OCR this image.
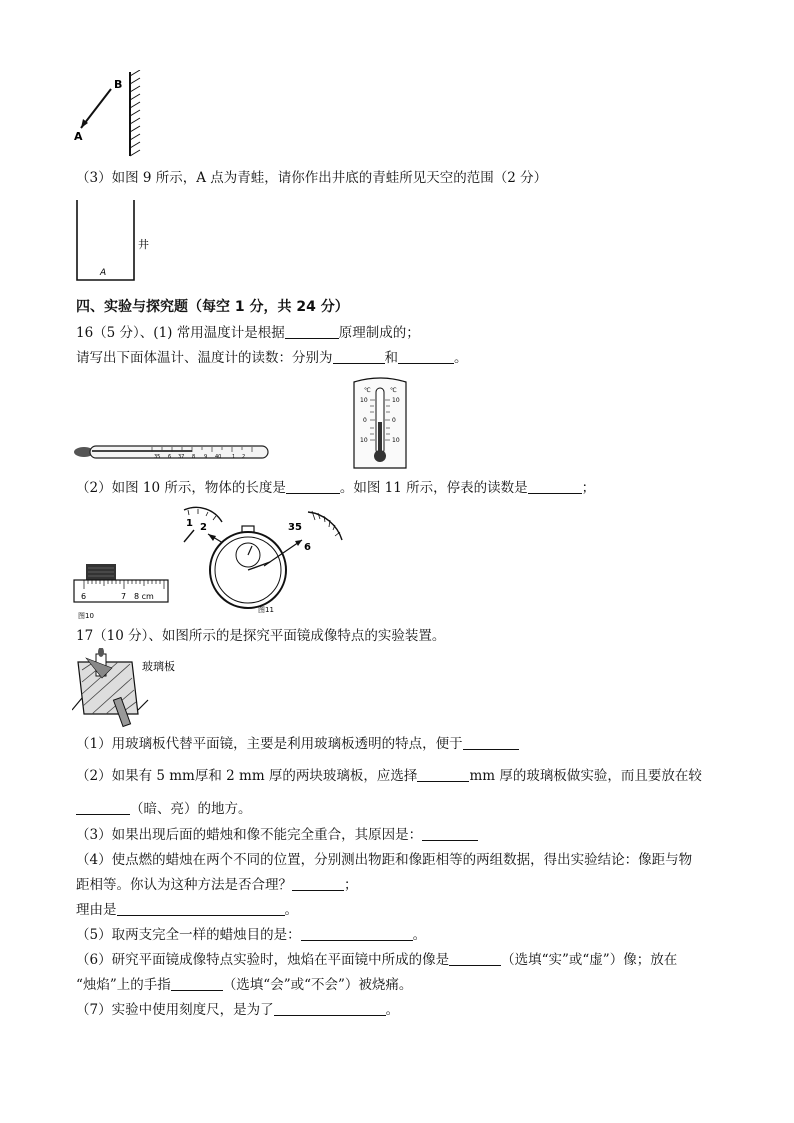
B
A
（3）如图 9 所示，A 点为青蛙，请你作出井底的青蛙所见天空的范围（2 分）
A
井
四、实验与探究题（每空 1 分，共 24 分）
16（5 分）、(1) 常用温度计是根据	原理制成的；
请写出下面体温计、温度计的读数：分别为	和	。
35 6 37 8 9 40 1 2
℃	℃
10
0
10
10
0
10
（2）如图 10 所示，物体的长度是	。如图 11 所示，停表的读数是	；
6	7 8 cm
图10
1 2	35
6
图11
17（10 分）、如图所示的是探究平面镜成像特点的实验装置。
玻璃板
（1）用玻璃板代替平面镜，主要是利用玻璃板透明的特点，便于
（2）如果有 5 mm厚和 2 mm 厚的两块玻璃板，应选择	mm 厚的玻璃板做实验，而且要放在较
（暗、亮）的地方。
（3）如果出现后面的蜡烛和像不能完全重合，其原因是：
（4）使点燃的蜡烛在两个不同的位置，分别测出物距和像距相等的两组数据，得出实验结论：像距与物
距相等。你认为这种方法是否合理？	；
理由是	。
（5）取两支完全一样的蜡烛目的是：	。
（6）研究平面镜成像特点实验时，烛焰在平面镜中所成的像是	（选填“实”或“虚”）像；放在
“烛焰”上的手指	（选填“会”或“不会”）被烧痛。
（7）实验中使用刻度尺，是为了	。
